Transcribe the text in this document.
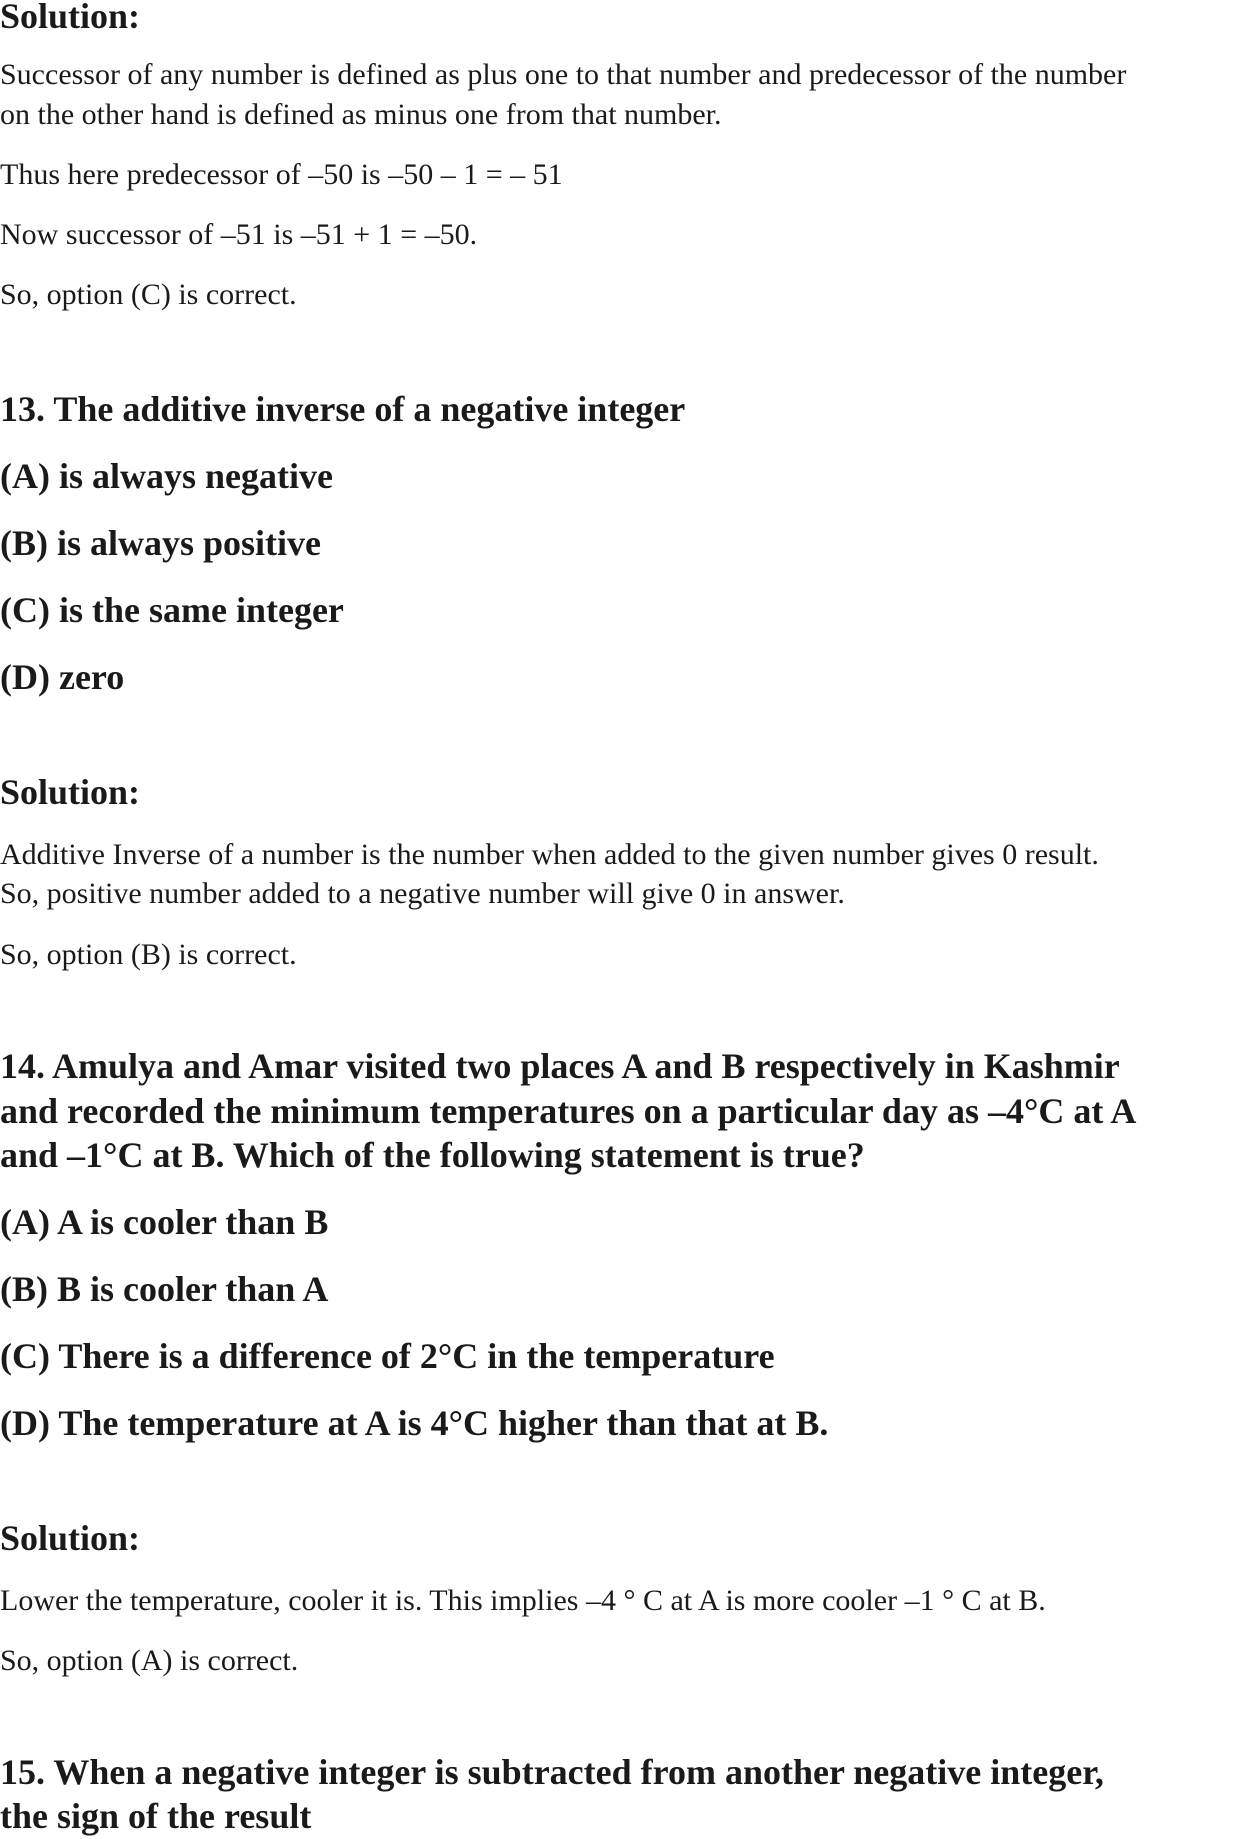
Solution:

Successor of any number is defined as plus one to that number and predecessor of the number

on the other hand is defined as minus one from that number.

Thus here predecessor of –50 is –50 – 1 = – 51

Now successor of –51 is –51 + 1 = –50.

So, option (C) is correct.

13. The additive inverse of a negative integer

(A) is always negative

(B) is always positive

(C) is the same integer

(D) zero

Solution:

Additive Inverse of a number is the number when added to the given number gives 0 result.

So, positive number added to a negative number will give 0 in answer.

So, option (B) is correct.

14. Amulya and Amar visited two places A and B respectively in Kashmir

and recorded the minimum temperatures on a particular day as –4°C at A

and –1°C at B. Which of the following statement is true?

(A) A is cooler than B

(B) B is cooler than A

(C) There is a difference of 2°C in the temperature

(D) The temperature at A is 4°C higher than that at B.

Solution:

Lower the temperature, cooler it is. This implies –4 ° C at A is more cooler –1 ° C at B.

So, option (A) is correct.

15. When a negative integer is subtracted from another negative integer,

the sign of the result
